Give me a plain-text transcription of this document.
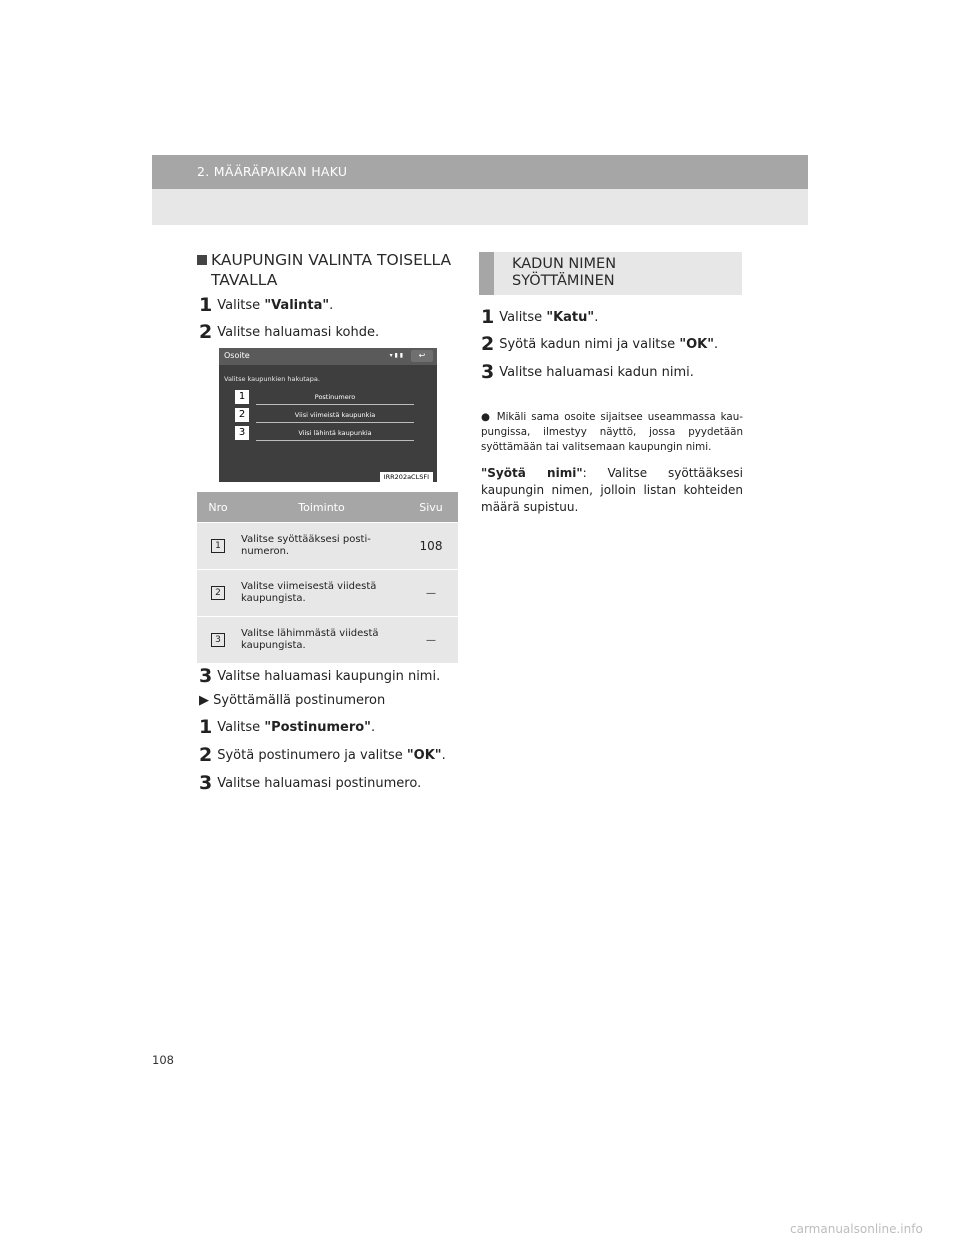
2. MÄÄRÄPAIKAN HAKU
KAUPUNGIN VALINTA TOISELLA
TAVALLA
1 Valitse "Valinta".
2 Valitse haluamasi kohde.
Osoite	▾ ▮ ▮	↩
Valitse kaupunkien hakutapa.
Postinumero
Viisi viimeistä kaupunkia
Viisi lähintä kaupunkia
1
2
3
IRR202aCLSFI
Nro	Toiminto	Sivu
1	Valitse syöttääksesi posti-
numeron.	108
2	Valitse viimeisestä viidestä
kaupungista.	—
3	Valitse lähimmästä viidestä
kaupungista.	—
3 Valitse haluamasi kaupungin nimi.
▶ Syöttämällä postinumeron
1 Valitse "Postinumero".
2 Syötä postinumero ja valitse "OK".
3 Valitse haluamasi postinumero.
KADUN NIMEN
SYÖTTÄMINEN
1 Valitse "Katu".
2 Syötä kadun nimi ja valitse "OK".
3 Valitse haluamasi kadun nimi.
● Mikäli sama osoite sijaitsee useammassa kau-pungissa, ilmestyy näyttö, jossa pyydetään syöttämään tai valitsemaan kaupungin nimi.
"Syötä nimi": Valitse syöttääksesi kaupungin nimen, jolloin listan kohteiden määrä supistuu.
108
carmanualsonline.info
